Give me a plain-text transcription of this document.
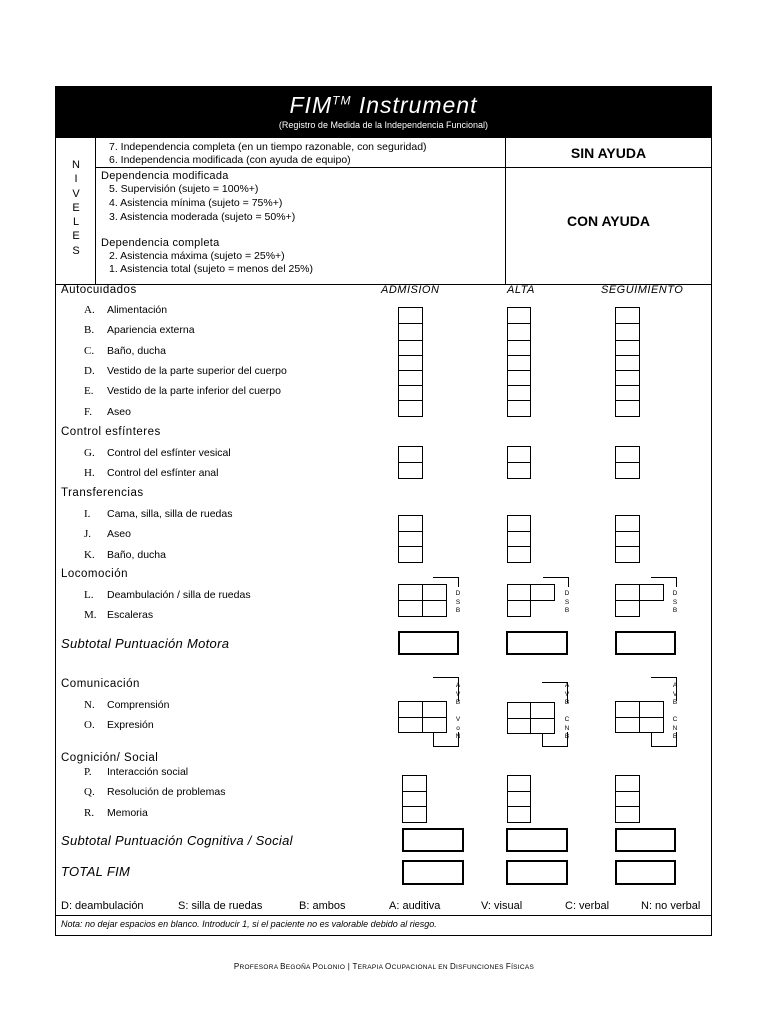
FIM™ Instrument
(Registro de Medida de la Independencia Funcional)
N
I
V
E
L
E
S
7. Independencia completa (en un tiempo razonable, con seguridad)
6. Independencia modificada (con ayuda de equipo)	SIN AYUDA
Dependencia modificada
5. Supervisión (sujeto = 100%+)
4. Asistencia mínima (sujeto = 75%+)
3. Asistencia moderada (sujeto = 50%+)
Dependencia completa
2. Asistencia máxima (sujeto = 25%+)
1. Asistencia total (sujeto = menos del 25%)
CON AYUDA
ADMISION	ALTA	SEGUIMIENTO
Autocuidados
A. Alimentación
B. Apariencia externa
C. Baño, ducha
D. Vestido de la parte superior del cuerpo
E. Vestido de la parte inferior del cuerpo
F. Aseo
Control esfínteres
G. Control del esfínter vesical
H. Control del esfínter anal
Transferencias
I. Cama, silla, silla de ruedas
J. Aseo
K. Baño, ducha
Locomoción
L. Deambulación / silla de ruedas
M. Escaleras
Subtotal Puntuación Motora
Comunicación
N. Comprensión
O. Expresión
Cognición/ Social
P. Interacción social
Q. Resolución de problemas
R. Memoria
Subtotal Puntuación Cognitiva / Social
TOTAL FIM
D
S
B
D
S
B
D
S
B
A
V
B
V
o
N
A
V
B
C
N
B
A
V
B
C
N
B
D: deambulación	S: silla de ruedas	B: ambos	A: auditiva	V: visual	C: verbal	N: no verbal
Nota: no dejar espacios en blanco. Introducir 1, si el paciente no es valorable debido al riesgo.
PROFESORA BEGOÑA POLONIO | TERAPIA OCUPACIONAL EN DISFUNCIONES FÍSICAS
